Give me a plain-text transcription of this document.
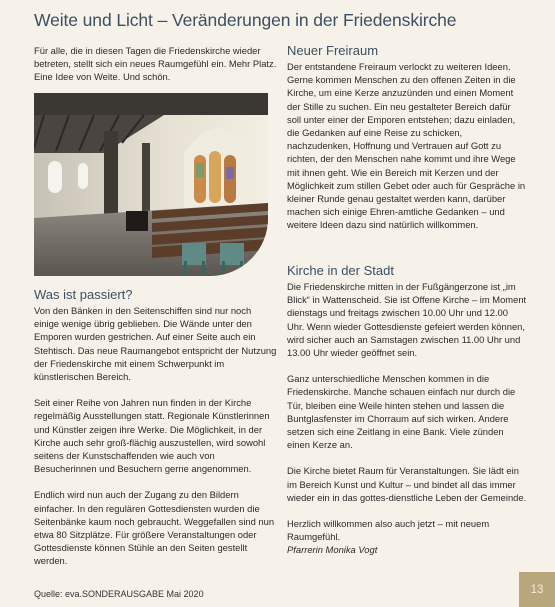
Weite und Licht – Veränderungen in der Friedenskirche

Für alle, die in diesen Tagen die Friedenskirche wieder betreten, stellt sich ein neues Raumgefühl ein. Mehr Platz. Eine Idee von Weite. Und schön.

Was ist passiert?

Von den Bänken in den Seitenschiffen sind nur noch einige wenige übrig geblieben. Die Wände unter den Emporen wurden gestrichen. Auf einer Seite auch ein Stehtisch. Das neue Raumangebot entspricht der Nutzung der Friedenskirche mit einem Schwerpunkt im künstlerischen Bereich.

Seit einer Reihe von Jahren nun finden in der Kirche regelmäßig Ausstellungen statt. Regionale Künstlerinnen und Künstler zeigen ihre Werke. Die Möglichkeit, in der Kirche auch sehr groß-flächig auszustellen, wird sowohl seitens der Kunstschaffenden wie auch von Besucherinnen und Besuchern gerne angenommen.

Endlich wird nun auch der Zugang zu den Bildern einfacher. In den regulären Gottesdiensten wurden die Seitenbänke kaum noch gebraucht. Weggefallen sind nun etwa 80 Sitzplätze. Für größere Veranstaltungen oder Gottesdienste können Stühle an den Seiten gestellt werden.

Neuer Freiraum

Der entstandene Freiraum verlockt zu weiteren Ideen. Gerne kommen Menschen zu den offenen Zeiten in die Kirche, um eine Kerze anzuzünden und einen Moment der Stille zu suchen. Ein neu gestalteter Bereich dafür soll unter einer der Emporen entstehen; dazu einladen, die Gedanken auf eine Reise zu schicken, nachzudenken, Hoffnung und Vertrauen auf Gott zu richten, der den Menschen nahe kommt und ihre Wege mit ihnen geht. Wie ein Bereich mit Kerzen und der Möglichkeit zum stillen Gebet oder auch für Gespräche in kleiner Runde genau gestaltet werden kann, darüber machen sich einige Ehren-amtliche Gedanken – und weitere Ideen dazu sind natürlich willkommen.

Kirche in der Stadt

Die Friedenskirche mitten in der Fußgängerzone ist „im Blick“ in Wattenscheid. Sie ist Offene Kirche – im Moment dienstags und freitags zwischen 10.00 Uhr und 12.00 Uhr. Wenn wieder Gottesdienste gefeiert werden können, wird sicher auch an Samstagen zwischen 11.00 Uhr und 13.00 Uhr wieder geöffnet sein.

Ganz unterschiedliche Menschen kommen in die Friedenskirche. Manche schauen einfach nur durch die Tür, bleiben eine Weile hinten stehen und lassen die Buntglasfenster im Chorraum auf sich wirken. Andere setzen sich eine Zeitlang in eine Bank. Viele zünden einen Kerze an.

Die Kirche bietet Raum für Veranstaltungen. Sie lädt ein im Bereich Kunst und Kultur – und bindet all das immer wieder ein in das gottes-dienstliche Leben der Gemeinde.

Herzlich willkommen also auch jetzt – mit neuem Raumgefühl.

Pfarrerin Monika Vogt
Quelle: eva.SONDERAUSGABE Mai 2020	13
